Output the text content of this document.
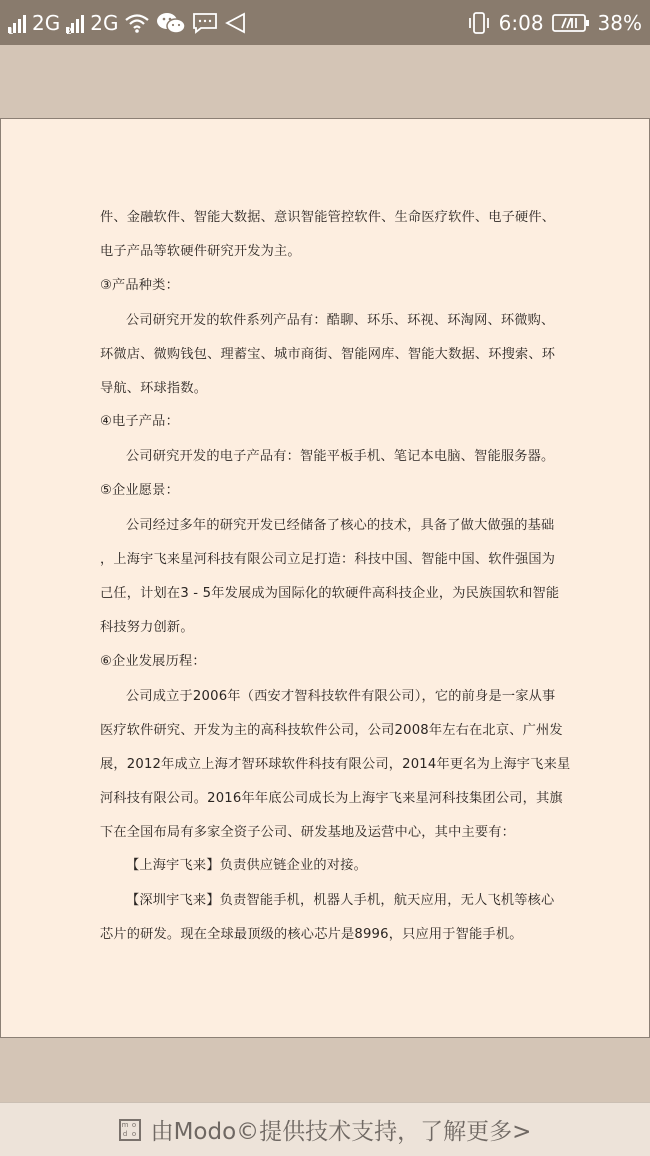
1 2G 2 2G	6:08	38%
件、金融软件、智能大数据、意识智能管控软件、生命医疗软件、电子硬件、
电子产品等软硬件研究开发为主。
③产品种类：
公司研究开发的软件系列产品有：酷聊、环乐、环视、环淘网、环微购、
环微店、微购钱包、理蓄宝、城市商街、智能网库、智能大数据、环搜索、环
导航、环球指数。
④电子产品：
公司研究开发的电子产品有：智能平板手机、笔记本电脑、智能服务器。
⑤企业愿景：
公司经过多年的研究开发已经储备了核心的技术，具备了做大做强的基础
，上海宇飞来星河科技有限公司立足打造：科技中国、智能中国、软件强国为
己任，计划在3 - 5年发展成为国际化的软硬件高科技企业，为民族国软和智能
科技努力创新。
⑥企业发展历程：
公司成立于2006年（西安才智科技软件有限公司），它的前身是一家从事
医疗软件研究、开发为主的高科技软件公司，公司2008年左右在北京、广州发
展，2012年成立上海才智环球软件科技有限公司，2014年更名为上海宇飞来星
河科技有限公司。2016年年底公司成长为上海宇飞来星河科技集团公司，其旗
下在全国布局有多家全资子公司、研发基地及运营中心，其中主要有：
【上海宇飞来】负责供应链企业的对接。
【深圳宇飞来】负责智能手机，机器人手机，航天应用，无人飞机等核心
芯片的研发。现在全球最顶级的核心芯片是8996，只应用于智能手机。
m o
d o 由Modo©提供技术支持，了解更多>
